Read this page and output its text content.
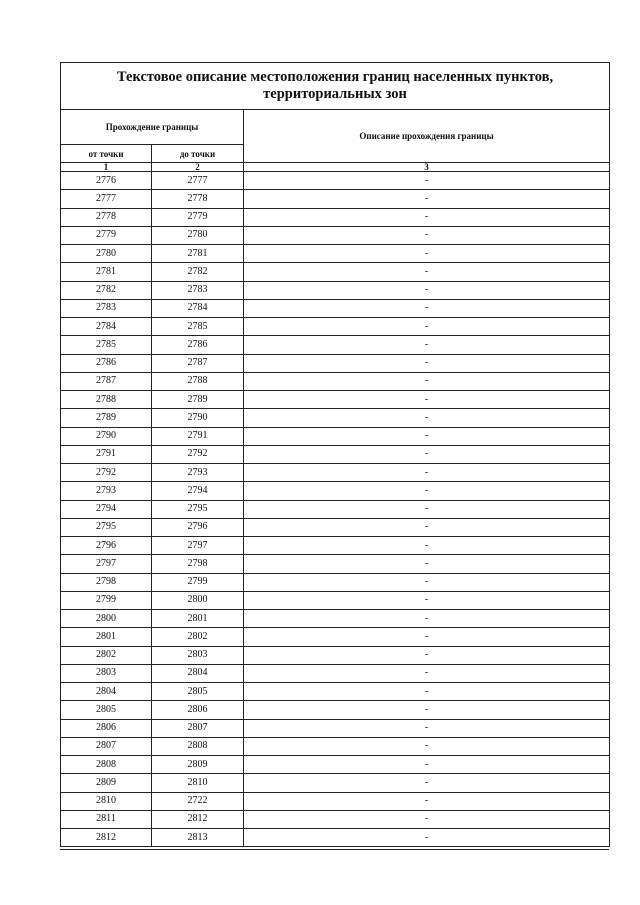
Текстовое описание местоположения границ населенных пунктов, территориальных зон		
Прохождение границы		Описание прохождения границы
от точки	до точки	
1	2	3
2776	2777	-
2777	2778	-
2778	2779	-
2779	2780	-
2780	2781	-
2781	2782	-
2782	2783	-
2783	2784	-
2784	2785	-
2785	2786	-
2786	2787	-
2787	2788	-
2788	2789	-
2789	2790	-
2790	2791	-
2791	2792	-
2792	2793	-
2793	2794	-
2794	2795	-
2795	2796	-
2796	2797	-
2797	2798	-
2798	2799	-
2799	2800	-
2800	2801	-
2801	2802	-
2802	2803	-
2803	2804	-
2804	2805	-
2805	2806	-
2806	2807	-
2807	2808	-
2808	2809	-
2809	2810	-
2810	2722	-
2811	2812	-
2812	2813	-
